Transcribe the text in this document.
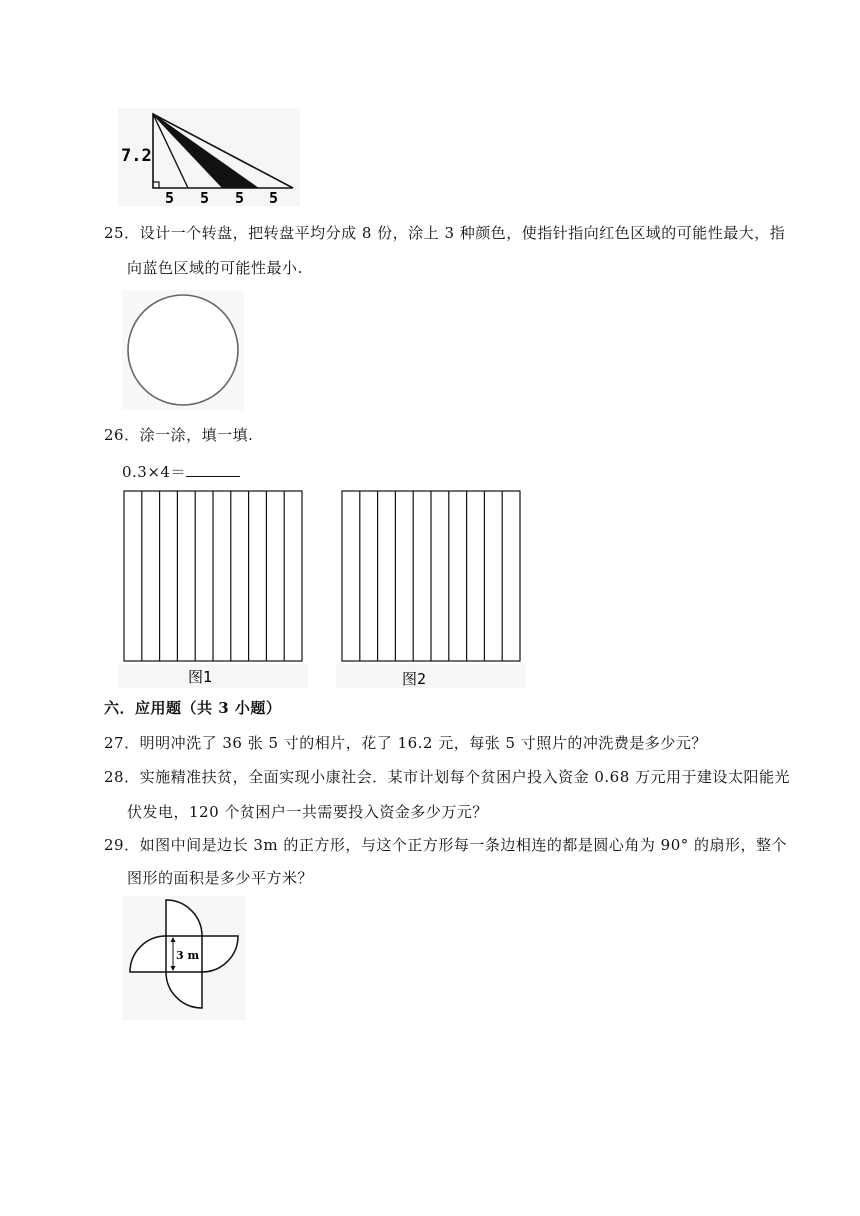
7.2
5 5 5 5
25．设计一个转盘，把转盘平均分成 8 份，涂上 3 种颜色，使指针指向红色区域的可能性最大，指
向蓝色区域的可能性最小.
26．涂一涂，填一填.
0.3×4＝
图1	图2
六．应用题（共 3 小题）
27．明明冲洗了 36 张 5 寸的相片，花了 16.2 元，每张 5 寸照片的冲洗费是多少元？
28．实施精准扶贫，全面实现小康社会．某市计划每个贫困户投入资金 0.68 万元用于建设太阳能光
伏发电，120 个贫困户一共需要投入资金多少万元？
29．如图中间是边长 3m 的正方形，与这个正方形每一条边相连的都是圆心角为 90° 的扇形，整个
图形的面积是多少平方米？
3 m
